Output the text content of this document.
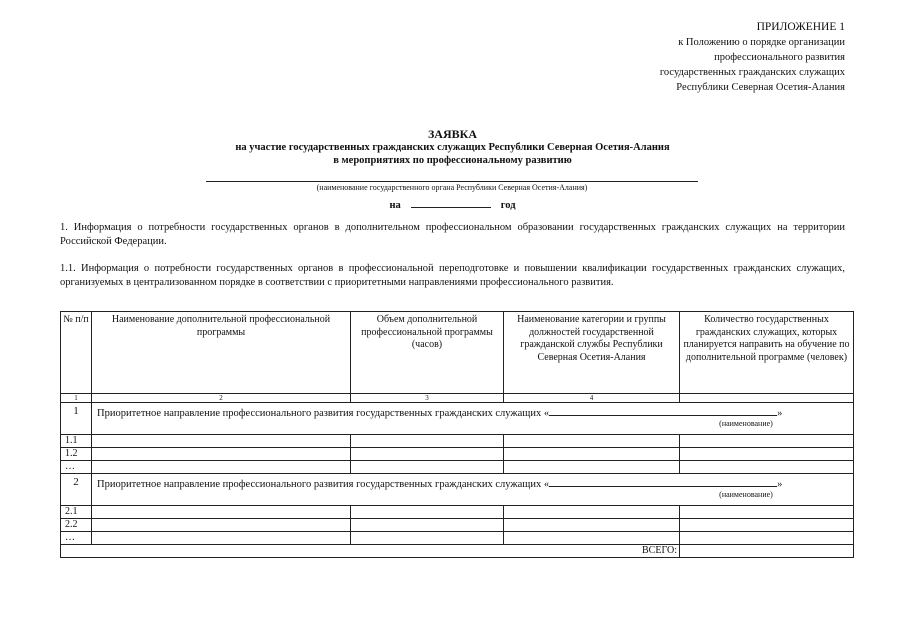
ПРИЛОЖЕНИЕ 1
к Положению о порядке организации
профессионального развития
государственных гражданских служащих
Республики Северная Осетия-Алания
ЗАЯВКА
на участие государственных гражданских служащих Республики Северная Осетия-Алания
в мероприятиях по профессиональному развитию
(наименование государственного органа Республики Северная Осетия-Алания)
на	год
1. Информация о потребности государственных органов в дополнительном профессиональном образовании государственных гражданских служащих на территории Российской Федерации.
1.1. Информация о потребности государственных органов в профессиональной переподготовке и повышении квалификации государственных гражданских служащих, организуемых в централизованном порядке в соответствии с приоритетными направлениями профессионального развития.
№ п/п	Наименование дополнительной профессиональной программы	Объем дополнительной профессиональной программы (часов)	Наименование категории и группы должностей государственной гражданской службы Республики Северная Осетия-Алания	Количество государственных гражданских служащих, которых планируется направить на обучение по дополнительной программе (человек)
1	2	3	4	
1	Приоритетное направление профессионального развития государственных гражданских служащих « »
(наименование)			

1.1				
1.2				
…				
2	Приоритетное направление профессионального развития государственных гражданских служащих « »
(наименование)			

2.1				
2.2				
…				
ВСЕГО:				
